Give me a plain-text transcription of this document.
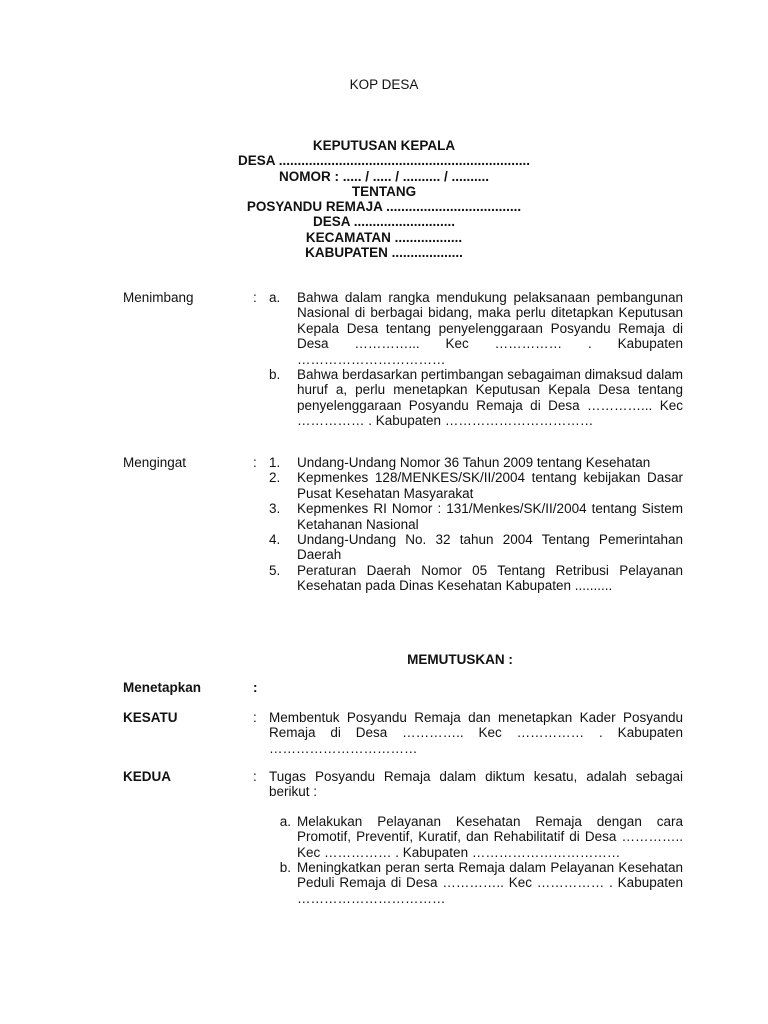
KOP DESA
KEPUTUSAN KEPALA
DESA ...................................................................
NOMOR : ..... / ..... / .......... / ..........
TENTANG
POSYANDU REMAJA ....................................
DESA ...........................
KECAMATAN ..................
KABUPATEN ...................
Menimbang	: a.	Bahwa dalam rangka mendukung pelaksanaan pembangunan Nasional di berbagai bidang, maka perlu ditetapkan Keputusan Kepala Desa tentang penyelenggaraan Posyandu Remaja di Desa …………... Kec …………… . Kabupaten ……………………………
b.	Bahwa berdasarkan pertimbangan sebagaiman dimaksud dalam huruf a, perlu menetapkan Keputusan Kepala Desa tentang penyelenggaraan Posyandu Remaja di Desa …………... Kec …………… . Kabupaten ……………………………
Mengingat	: 1.	Undang-Undang Nomor 36 Tahun 2009 tentang Kesehatan
2.	Kepmenkes 128/MENKES/SK/II/2004 tentang kebijakan Dasar Pusat Kesehatan Masyarakat
3.	Kepmenkes RI Nomor : 131/Menkes/SK/II/2004 tentang Sistem Ketahanan Nasional
4.	Undang-Undang No. 32 tahun 2004 Tentang Pemerintahan Daerah
5.	Peraturan Daerah Nomor 05 Tentang Retribusi Pelayanan Kesehatan pada Dinas Kesehatan Kabupaten ..........
MEMUTUSKAN :
Menetapkan	:
KESATU	: Membentuk Posyandu Remaja dan menetapkan Kader Posyandu Remaja di Desa ………….. Kec …………… . Kabupaten ……………………………
KEDUA	: Tugas Posyandu Remaja dalam diktum kesatu, adalah sebagai berikut :
a. Melakukan Pelayanan Kesehatan Remaja dengan cara Promotif, Preventif, Kuratif, dan Rehabilitatif di Desa ………….. Kec …………… . Kabupaten ……………………………
b. Meningkatkan peran serta Remaja dalam Pelayanan Kesehatan Peduli Remaja di Desa ………….. Kec …………… . Kabupaten ……………………………
